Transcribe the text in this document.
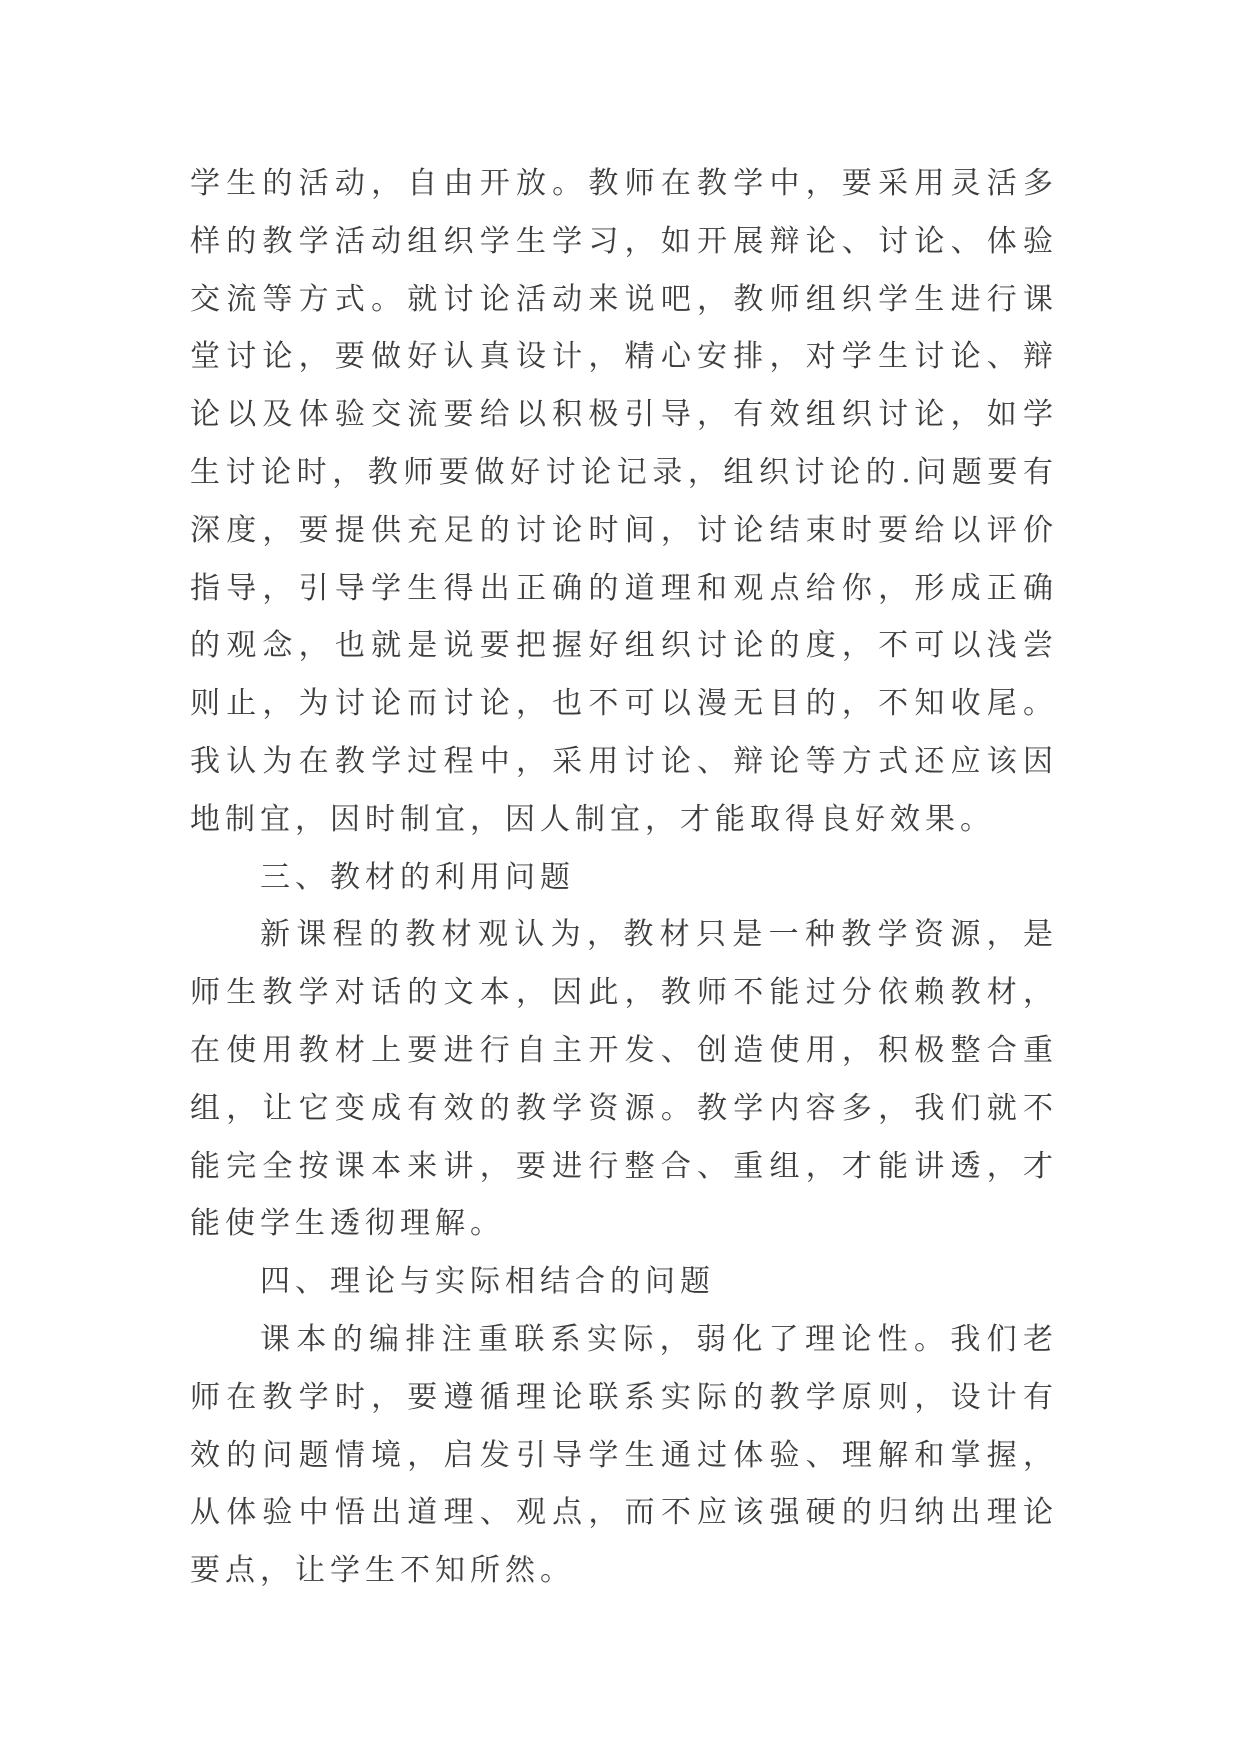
学生的活动，自由开放。教师在教学中，要采用灵活多样的教学活动组织学生学习，如开展辩论、讨论、体验交流等方式。就讨论活动来说吧，教师组织学生进行课堂讨论，要做好认真设计，精心安排，对学生讨论、辩论以及体验交流要给以积极引导，有效组织讨论，如学生讨论时，教师要做好讨论记录，组织讨论的.问题要有深度，要提供充足的讨论时间，讨论结束时要给以评价指导，引导学生得出正确的道理和观点给你，形成正确的观念，也就是说要把握好组织讨论的度，不可以浅尝则止，为讨论而讨论，也不可以漫无目的，不知收尾。我认为在教学过程中，采用讨论、辩论等方式还应该因地制宜，因时制宜，因人制宜，才能取得良好效果。

三、教材的利用问题

新课程的教材观认为，教材只是一种教学资源，是师生教学对话的文本，因此，教师不能过分依赖教材，在使用教材上要进行自主开发、创造使用，积极整合重组，让它变成有效的教学资源。教学内容多，我们就不能完全按课本来讲，要进行整合、重组，才能讲透，才能使学生透彻理解。

四、理论与实际相结合的问题

课本的编排注重联系实际，弱化了理论性。我们老师在教学时，要遵循理论联系实际的教学原则，设计有效的问题情境，启发引导学生通过体验、理解和掌握，从体验中悟出道理、观点，而不应该强硬的归纳出理论要点，让学生不知所然。
